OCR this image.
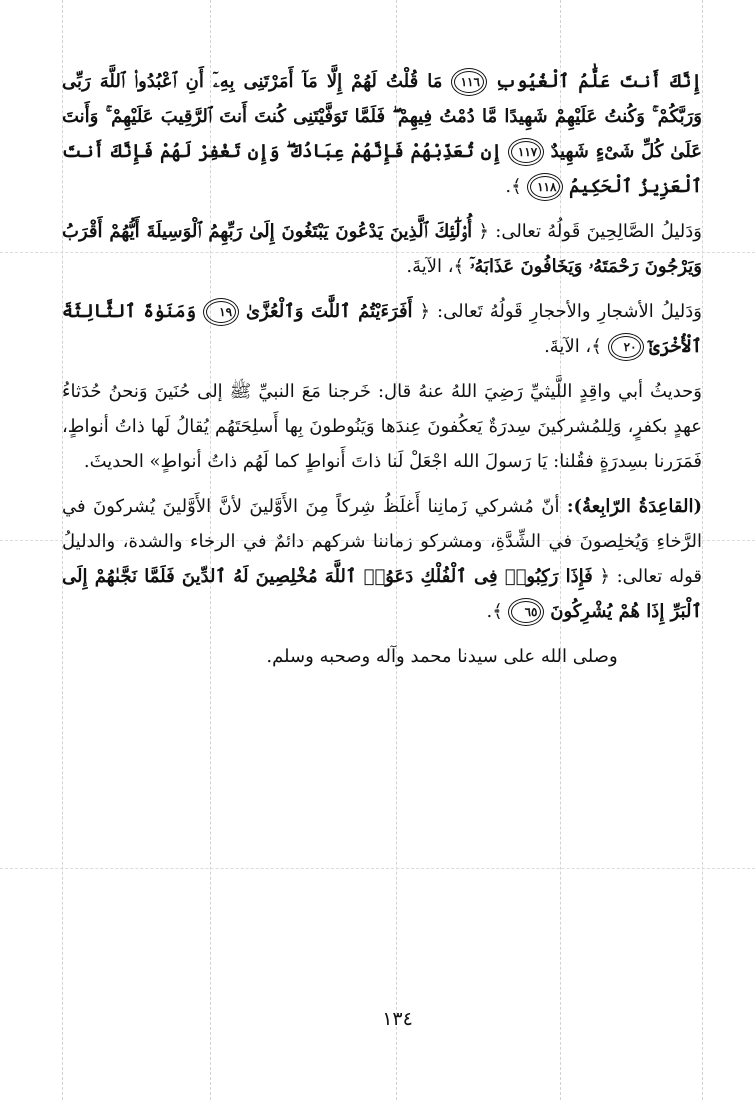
إِنَّكَ أَنتَ عَلَّٰمُ ٱلْغُيُوبِ ١١٦ مَا قُلْتُ لَهُمْ إِلَّا مَآ أَمَرْتَنِى بِهِۦٓ أَنِ ٱعْبُدُوا۟ ٱللَّهَ رَبِّى وَرَبَّكُمْ ۚ وَكُنتُ عَلَيْهِمْ شَهِيدًا مَّا دُمْتُ فِيهِمْ ۖ فَلَمَّا تَوَفَّيْتَنِى كُنتَ أَنتَ ٱلرَّقِيبَ عَلَيْهِمْ ۚ وَأَنتَ عَلَىٰ كُلِّ شَىْءٍ شَهِيدٌ ١١٧ إِن تُعَذِّبْهُمْ فَإِنَّهُمْ عِبَادُكَ ۖ وَإِن تَغْفِرْ لَهُمْ فَإِنَّكَ أَنتَ ٱلْعَزِيزُ ٱلْحَكِيمُ ١١٨ ﴾.

وَدَليلُ الصَّالِحِينَ قَولُهُ تعالى: ﴿ أُو۟لَٰٓئِكَ ٱلَّذِينَ يَدْعُونَ يَبْتَغُونَ إِلَىٰ رَبِّهِمُ ٱلْوَسِيلَةَ أَيُّهُمْ أَقْرَبُ وَيَرْجُونَ رَحْمَتَهُۥ وَيَخَافُونَ عَذَابَهُۥٓ ﴾، الآيةَ.

وَدَليلُ الأشجارِ والأحجارِ قَولُهُ تَعالى: ﴿ أَفَرَءَيْتُمُ ٱللَّٰتَ وَٱلْعُزَّىٰ ١٩ وَمَنَوٰةَ ٱلثَّالِثَةَ ٱلْأُخْرَىٰٓ ٢٠ ﴾، الآيةَ.

وَحديثُ أبي واقِدٍ اللَّيثيِّ رَضِيَ اللهُ عنهُ قال: خَرجنا مَعَ النبيِّ ﷺ إلى حُنَينَ وَنحنُ حُدَثاءُ عهدٍ بكفرٍ، وَلِلمُشركينَ سِدرَةٌ يَعكُفونَ عِندَها وَيَنُوطونَ بِها أَسلِحَتَهُم يُقالُ لَها ذاتُ أنواطٍ، فَمَرَرنا بسِدرَةٍ فقُلنا: يَا رَسولَ الله اجْعَلْ لَنا ذاتَ أَنواطٍ كما لَهُم ذاتُ أنواطٍ» الحديثَ.

(القاعِدَةُ الرّابِعةُ): أنّ مُشركي زَمانِنا أَغلَظُ شِركاً مِنَ الأَوَّلينَ لأنَّ الأَوَّلينَ يُشركونَ في الرَّخاءِ وَيُخلِصونَ في الشِّدَّةِ، ومشركو زماننا شركهم دائمٌ في الرخاء والشدة، والدليلُ قوله تعالى: ﴿ فَإِذَا رَكِبُوا۟ فِى ٱلْفُلْكِ دَعَوُا۟ ٱللَّهَ مُخْلِصِينَ لَهُ ٱلدِّينَ فَلَمَّا نَجَّىٰهُمْ إِلَى ٱلْبَرِّ إِذَا هُمْ يُشْرِكُونَ ٦٥ ﴾.

وصلى الله على سيدنا محمد وآله وصحبه وسلم.

١٣٤
